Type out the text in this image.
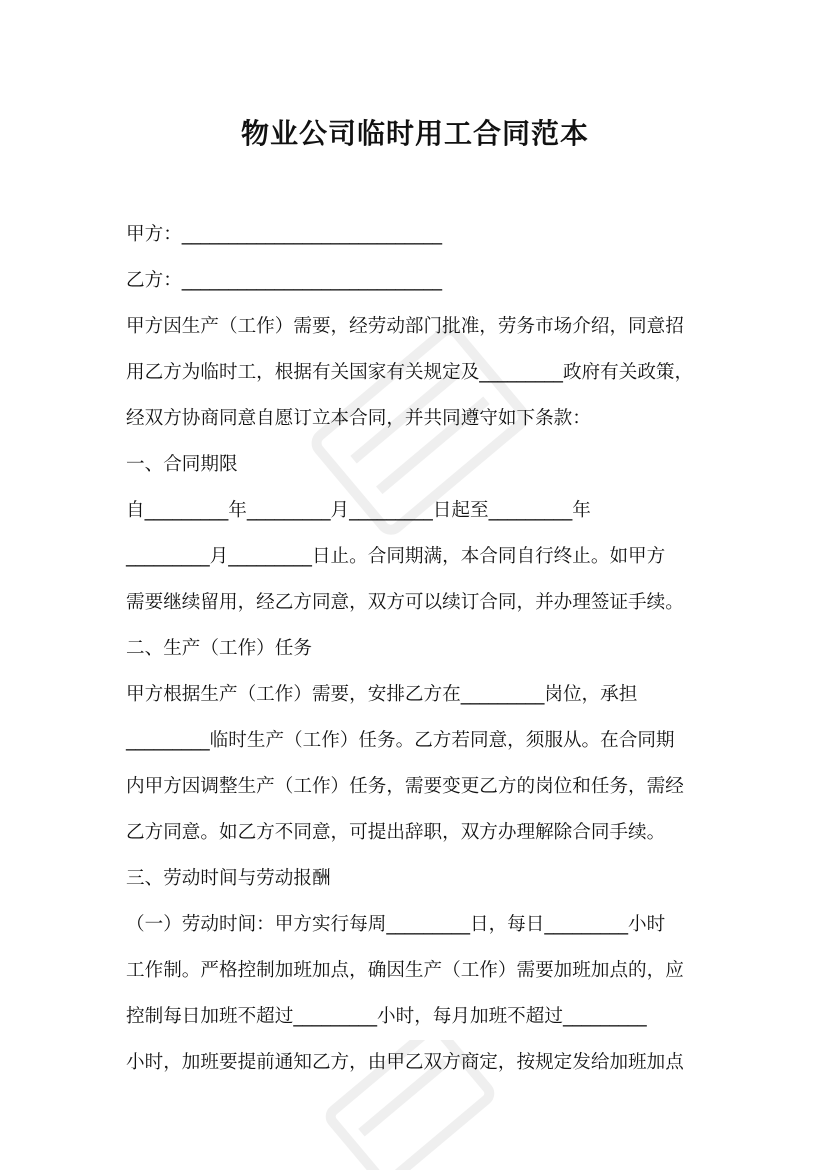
物业公司临时用工合同范本
甲方：____________________________
乙方：____________________________
甲方因生产（工作）需要，经劳动部门批准，劳务市场介绍，同意招
用乙方为临时工，根据有关国家有关规定及_________政府有关政策，
经双方协商同意自愿订立本合同，并共同遵守如下条款：
一、合同期限
自_________年_________月_________日起至_________年
_________月_________日止。合同期满，本合同自行终止。如甲方
需要继续留用，经乙方同意，双方可以续订合同，并办理签证手续。
二、生产（工作）任务
甲方根据生产（工作）需要，安排乙方在_________岗位，承担
_________临时生产（工作）任务。乙方若同意，须服从。在合同期
内甲方因调整生产（工作）任务，需要变更乙方的岗位和任务，需经
乙方同意。如乙方不同意，可提出辞职，双方办理解除合同手续。
三、劳动时间与劳动报酬
（一）劳动时间：甲方实行每周_________日，每日_________小时
工作制。严格控制加班加点，确因生产（工作）需要加班加点的，应
控制每日加班不超过_________小时，每月加班不超过_________
小时，加班要提前通知乙方，由甲乙双方商定，按规定发给加班加点
